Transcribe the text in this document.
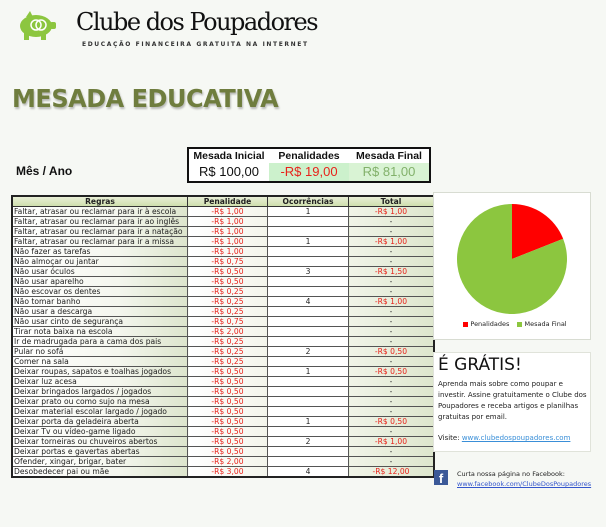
Clube dos Poupadores
EDUCAÇÃO FINANCEIRA GRATUITA NA INTERNET
MESADA EDUCATIVA
Mês / Ano
Mesada Inicial
R$ 100,00
Penalidades
-R$ 19,00
Mesada Final
R$ 81,00
Regras	Penalidade	Ocorrências	Total
Faltar, atrasar ou reclamar para ir à escola	-R$ 1,00	1	-R$ 1,00
Faltar, atrasar ou reclamar para ir ao inglês	-R$ 1,00		-
Faltar, atrasar ou reclamar para ir a natação	-R$ 1,00		-
Faltar, atrasar ou reclamar para ir a missa	-R$ 1,00	1	-R$ 1,00
Não fazer as tarefas	-R$ 1,00		-
Não almoçar ou jantar	-R$ 0,75		-
Não usar óculos	-R$ 0,50	3	-R$ 1,50
Não usar aparelho	-R$ 0,50		-
Não escovar os dentes	-R$ 0,25		-
Não tomar banho	-R$ 0,25	4	-R$ 1,00
Não usar a descarga	-R$ 0,25		-
Não usar cinto de segurança	-R$ 0,75		-
Tirar nota baixa na escola	-R$ 2,00		-
Ir de madrugada para a cama dos pais	-R$ 0,25		-
Pular no sofá	-R$ 0,25	2	-R$ 0,50
Comer na sala	-R$ 0,25		-
Deixar roupas, sapatos e toalhas jogados	-R$ 0,50	1	-R$ 0,50
Deixar luz acesa	-R$ 0,50		-
Deixar bringados largados / jogados	-R$ 0,50		-
Deixar prato ou como sujo na mesa	-R$ 0,50		-
Deixar material escolar largado / jogado	-R$ 0,50		-
Deixar porta da geladeira aberta	-R$ 0,50	1	-R$ 0,50
Deixar Tv ou vídeo-game ligado	-R$ 0,50		-
Deixar torneiras ou chuveiros abertos	-R$ 0,50	2	-R$ 1,00
Deixar portas e gavertas abertas	-R$ 0,50		-
Ofender, xingar, brigar, bater	-R$ 2,00		-
Desobedecer pai ou mãe	-R$ 3,00	4	-R$ 12,00
Penalidades Mesada Final
É GRÁTIS!
Aprenda mais sobre como poupar e investir. Assine gratuitamente o Clube dos Poupadores e receba artigos e planilhas gratuitas por email.
Visite: www.clubedospoupadores.com
f	Curta nossa página no Facebook:
www.facebook.com/ClubeDosPoupadores
